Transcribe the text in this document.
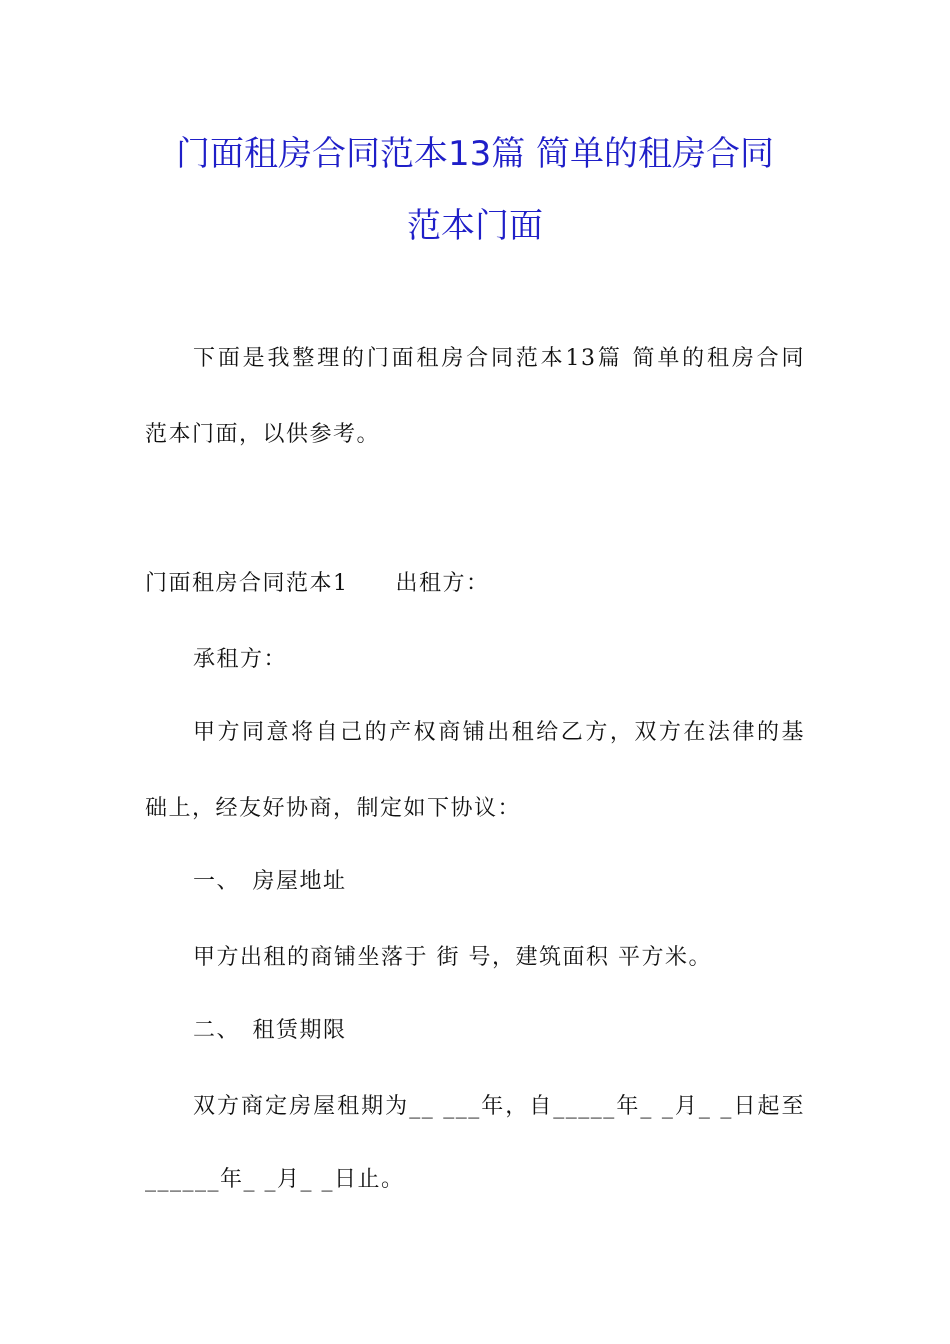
门面租房合同范本13篇 简单的租房合同
范本门面
下面是我整理的门面租房合同范本13篇 简单的租房合同
范本门面，以供参考。
门面租房合同范本1　　出租方：
承租方：
甲方同意将自己的产权商铺出租给乙方，双方在法律的基
础上，经友好协商，制定如下协议：
一、　房屋地址
甲方出租的商铺坐落于 街 号，建筑面积 平方米。
二、　租赁期限
双方商定房屋租期为__ ___年，自_____年_ _月_ _日起至
______年_ _月_ _日止。
